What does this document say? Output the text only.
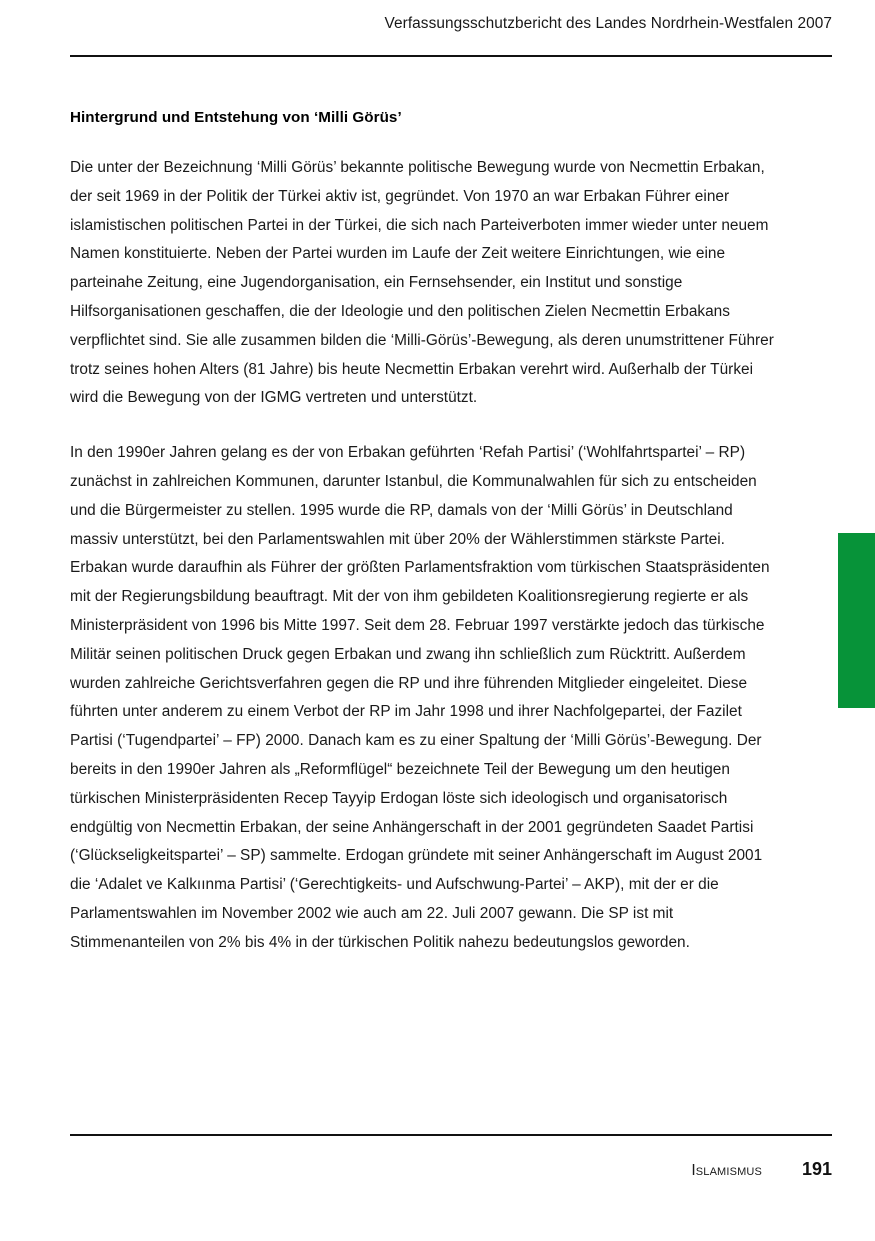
Verfassungsschutzbericht des Landes Nordrhein-Westfalen 2007
Hintergrund und Entstehung von ‘Milli Görüs’

Die unter der Bezeichnung ‘Milli Görüs’ bekannte politische Bewegung wurde von Necmettin Erbakan, der seit 1969 in der Politik der Türkei aktiv ist, gegründet. Von 1970 an war Erbakan Führer einer islamistischen politischen Partei in der Türkei, die sich nach Parteiverboten immer wieder unter neuem Namen konstituierte. Neben der Partei wurden im Laufe der Zeit weitere Einrichtungen, wie eine parteinahe Zeitung, eine Jugendorganisation, ein Fernsehsender, ein Institut und sonstige Hilfsorganisationen geschaffen, die der Ideologie und den politischen Zielen Necmettin Erbakans verpflichtet sind. Sie alle zusammen bilden die ‘Milli-Görüs’-Bewegung, als deren unumstrittener Führer trotz seines hohen Alters (81 Jahre) bis heute Necmettin Erbakan verehrt wird. Außerhalb der Türkei wird die Bewegung von der IGMG vertreten und unterstützt.

In den 1990er Jahren gelang es der von Erbakan geführten ‘Refah Partisi’ (‘Wohlfahrtspartei’ – RP) zunächst in zahlreichen Kommunen, darunter Istanbul, die Kommunalwahlen für sich zu entscheiden und die Bürgermeister zu stellen. 1995 wurde die RP, damals von der ‘Milli Görüs’ in Deutschland massiv unterstützt, bei den Parlamentswahlen mit über 20% der Wählerstimmen stärkste Partei. Erbakan wurde daraufhin als Führer der größten Parlamentsfraktion vom türkischen Staatspräsidenten mit der Regierungsbildung beauftragt. Mit der von ihm gebildeten Koalitionsregierung regierte er als Ministerpräsident von 1996 bis Mitte 1997. Seit dem 28. Februar 1997 verstärkte jedoch das türkische Militär seinen politischen Druck gegen Erbakan und zwang ihn schließlich zum Rücktritt. Außerdem wurden zahlreiche Gerichtsverfahren gegen die RP und ihre führenden Mitglieder eingeleitet. Diese führten unter anderem zu einem Verbot der RP im Jahr 1998 und ihrer Nachfolgepartei, der Fazilet Partisi (‘Tugendpartei’ – FP) 2000. Danach kam es zu einer Spaltung der ‘Milli Görüs’-Bewegung. Der bereits in den 1990er Jahren als „Reformflügel“ bezeichnete Teil der Bewegung um den heutigen türkischen Ministerpräsidenten Recep Tayyip Erdogan löste sich ideologisch und organisatorisch endgültig von Necmettin Erbakan, der seine Anhängerschaft in der 2001 gegründeten Saadet Partisi (‘Glückseligkeitspartei’ – SP) sammelte. Erdogan gründete mit seiner Anhängerschaft im August 2001 die ‘Adalet ve Kalkıınma Partisi’ (‘Gerechtigkeits- und Aufschwung-Partei’ – AKP), mit der er die Parlamentswahlen im November 2002 wie auch am 22. Juli 2007 gewann. Die SP ist mit Stimmenanteilen von 2% bis 4% in der türkischen Politik nahezu bedeutungslos geworden.

Islamismus	191
